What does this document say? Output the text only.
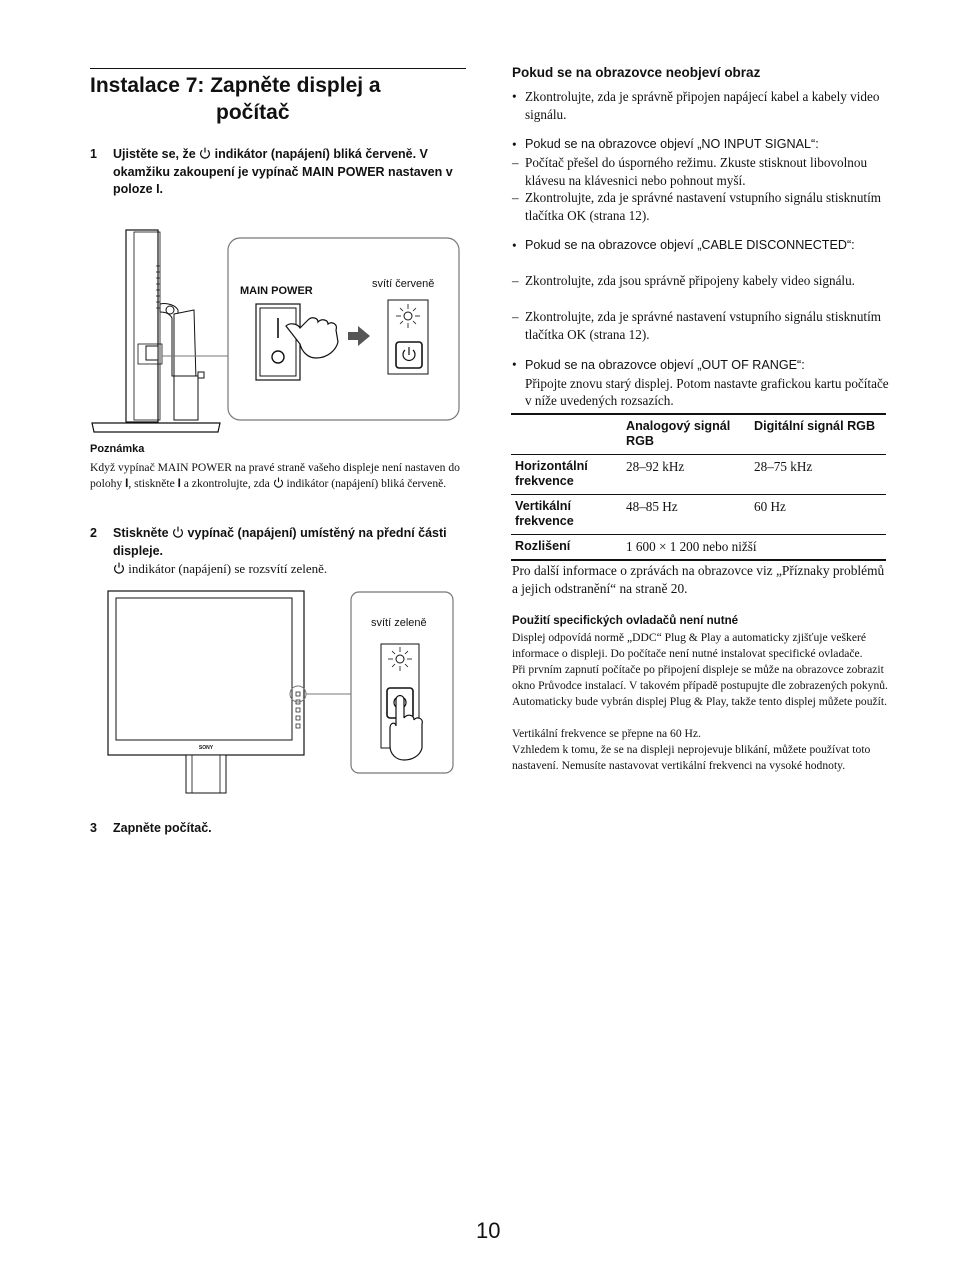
Instalace 7: Zapněte displej a
počítač
1 Ujistěte se, že  indikátor (napájení) bliká červeně. V okamžiku zakoupení je vypínač MAIN POWER nastaven v poloze I.
MAIN POWER
svítí červeně
Poznámka
Když vypínač MAIN POWER na pravé straně vašeho displeje není nastaven do polohy I, stiskněte I a zkontrolujte, zda  indikátor (napájení) bliká červeně.
2 Stiskněte  vypínač (napájení) umístěný na přední části displeje.
indikátor (napájení) se rozsvítí zeleně.
SONY
svítí zeleně
3 Zapněte počítač.
Pokud se na obrazovce neobjeví obraz
• Zkontrolujte, zda je správně připojen napájecí kabel a kabely video signálu.
• Pokud se na obrazovce objeví „NO INPUT SIGNAL“:
– Počítač přešel do úsporného režimu. Zkuste stisknout libovolnou klávesu na klávesnici nebo pohnout myší.
– Zkontrolujte, zda je správné nastavení vstupního signálu stisknutím tlačítka OK (strana 12).
• Pokud se na obrazovce objeví „CABLE DISCONNECTED“:
– Zkontrolujte, zda jsou správně připojeny kabely video signálu.
– Zkontrolujte, zda je správné nastavení vstupního signálu stisknutím tlačítka OK (strana 12).
• Pokud se na obrazovce objeví „OUT OF RANGE“:
Připojte znovu starý displej. Potom nastavte grafickou kartu počítače v níže uvedených rozsazích.
	Analogový signál RGB	Digitální signál RGB
Horizontální frekvence	28–92 kHz	28–75 kHz
Vertikální frekvence	48–85 Hz	60 Hz
Rozlišení	1 600 × 1 200 nebo nižší	
Pro další informace o zprávách na obrazovce viz „Příznaky problémů a jejich odstranění“ na straně 20.
Použití specifických ovladačů není nutné

Displej odpovídá normě „DDC“ Plug & Play a automaticky zjišťuje veškeré informace o displeji. Do počítače není nutné instalovat specifické ovladače.

Při prvním zapnutí počítače po připojení displeje se může na obrazovce zobrazit okno Průvodce instalací. V takovém případě postupujte dle zobrazených pokynů. Automaticky bude vybrán displej Plug & Play, takže tento displej můžete použít.

Vertikální frekvence se přepne na 60 Hz.

Vzhledem k tomu, že se na displeji neprojevuje blikání, můžete používat toto nastavení. Nemusíte nastavovat vertikální frekvenci na vysoké hodnoty.

10
